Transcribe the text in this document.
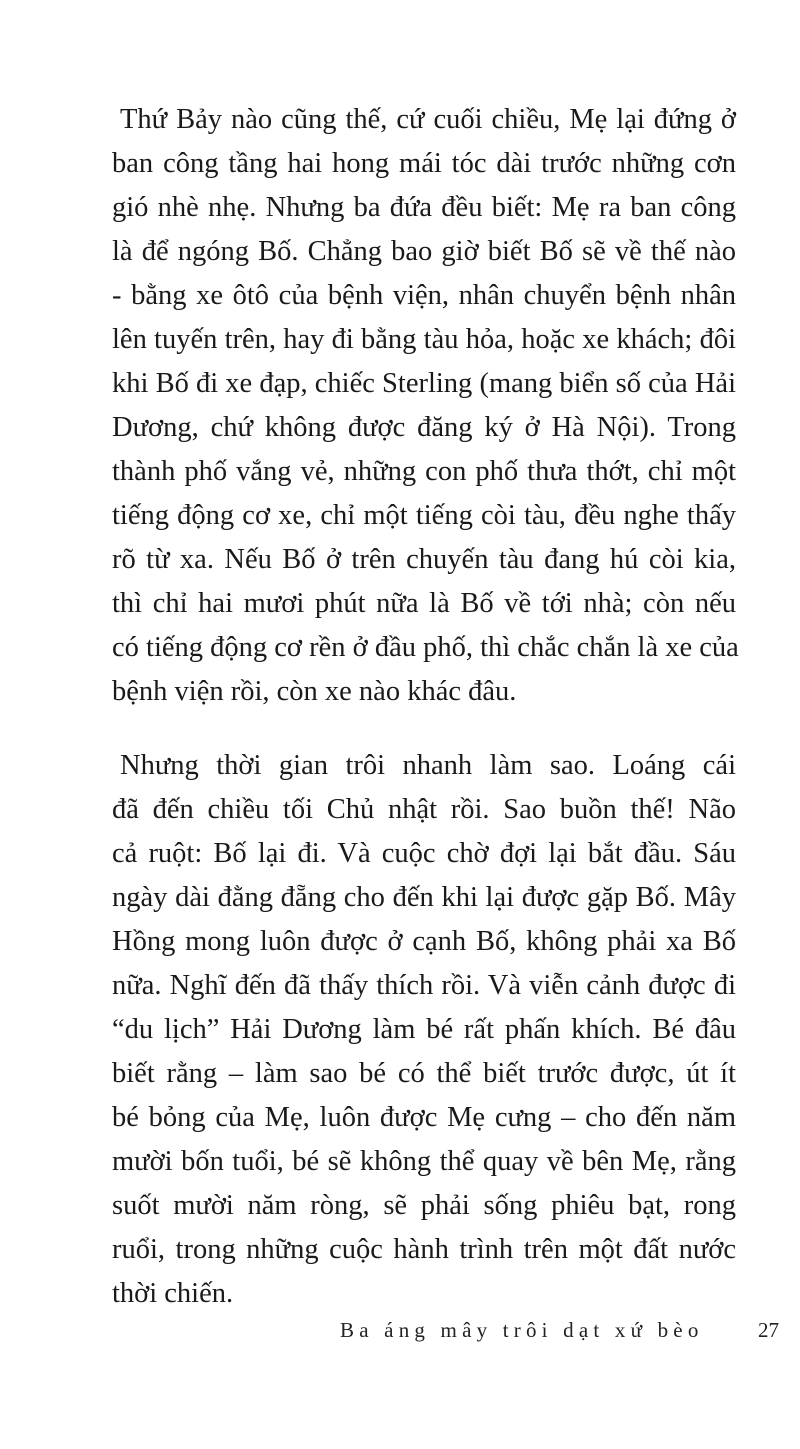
Thứ Bảy nào cũng thế, cứ cuối chiều, Mẹ lại đứng ở
ban công tầng hai hong mái tóc dài trước những cơn
gió nhè nhẹ. Nhưng ba đứa đều biết: Mẹ ra ban công
là để ngóng Bố. Chẳng bao giờ biết Bố sẽ về thế nào
- bằng xe ôtô của bệnh viện, nhân chuyển bệnh nhân
lên tuyến trên, hay đi bằng tàu hỏa, hoặc xe khách; đôi
khi Bố đi xe đạp, chiếc Sterling (mang biển số của Hải
Dương, chứ không được đăng ký ở Hà Nội). Trong
thành phố vắng vẻ, những con phố thưa thớt, chỉ một
tiếng động cơ xe, chỉ một tiếng còi tàu, đều nghe thấy
rõ từ xa. Nếu Bố ở trên chuyến tàu đang hú còi kia,
thì chỉ hai mươi phút nữa là Bố về tới nhà; còn nếu
có tiếng động cơ rền ở đầu phố, thì chắc chắn là xe của
bệnh viện rồi, còn xe nào khác đâu.
Nhưng thời gian trôi nhanh làm sao. Loáng cái
đã đến chiều tối Chủ nhật rồi. Sao buồn thế! Não
cả ruột: Bố lại đi. Và cuộc chờ đợi lại bắt đầu. Sáu
ngày dài đằng đẵng cho đến khi lại được gặp Bố. Mây
Hồng mong luôn được ở cạnh Bố, không phải xa Bố
nữa. Nghĩ đến đã thấy thích rồi. Và viễn cảnh được đi
“du lịch” Hải Dương làm bé rất phấn khích. Bé đâu
biết rằng – làm sao bé có thể biết trước được, út ít
bé bỏng của Mẹ, luôn được Mẹ cưng – cho đến năm
mười bốn tuổi, bé sẽ không thể quay về bên Mẹ, rằng
suốt mười năm ròng, sẽ phải sống phiêu bạt, rong
ruổi, trong những cuộc hành trình trên một đất nước
thời chiến.
Ba áng mây trôi dạt xứ bèo	27
